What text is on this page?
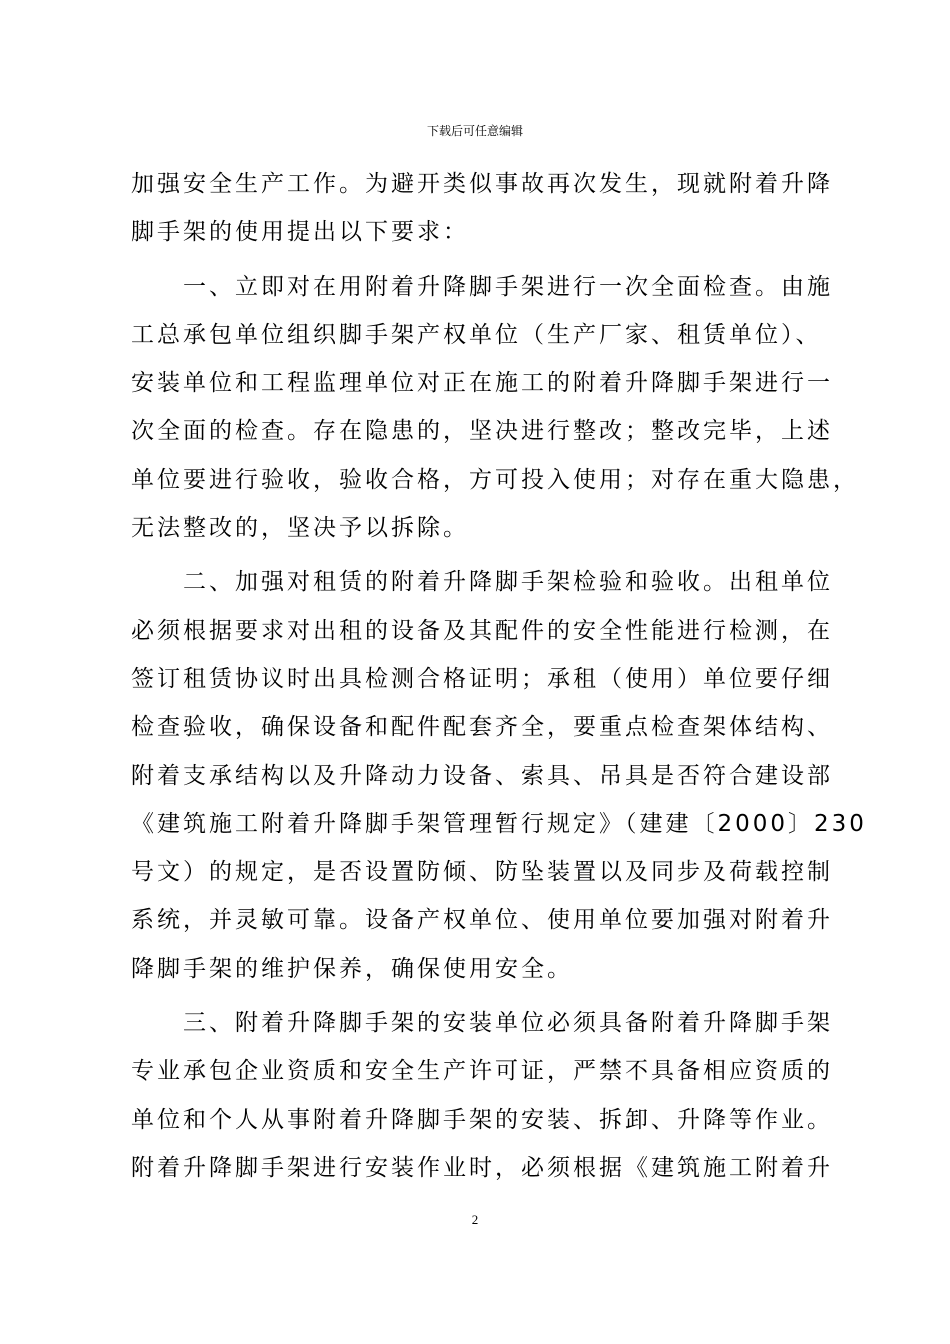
下载后可任意编辑
加强安全生产工作。为避开类似事故再次发生，现就附着升降
脚手架的使用提出以下要求：
　　一、立即对在用附着升降脚手架进行一次全面检查。由施
工总承包单位组织脚手架产权单位（生产厂家、租赁单位）、
安装单位和工程监理单位对正在施工的附着升降脚手架进行一
次全面的检查。存在隐患的，坚决进行整改；整改完毕，上述
单位要进行验收，验收合格，方可投入使用；对存在重大隐患，
无法整改的，坚决予以拆除。
　　二、加强对租赁的附着升降脚手架检验和验收。出租单位
必须根据要求对出租的设备及其配件的安全性能进行检测，在
签订租赁协议时出具检测合格证明；承租（使用）单位要仔细
检查验收，确保设备和配件配套齐全，要重点检查架体结构、
附着支承结构以及升降动力设备、索具、吊具是否符合建设部
《建筑施工附着升降脚手架管理暂行规定》（建建〔2000〕230
号文）的规定，是否设置防倾、防坠装置以及同步及荷载控制
系统，并灵敏可靠。设备产权单位、使用单位要加强对附着升
降脚手架的维护保养，确保使用安全。
　　三、附着升降脚手架的安装单位必须具备附着升降脚手架
专业承包企业资质和安全生产许可证，严禁不具备相应资质的
单位和个人从事附着升降脚手架的安装、拆卸、升降等作业。
附着升降脚手架进行安装作业时，必须根据《建筑施工附着升
2
